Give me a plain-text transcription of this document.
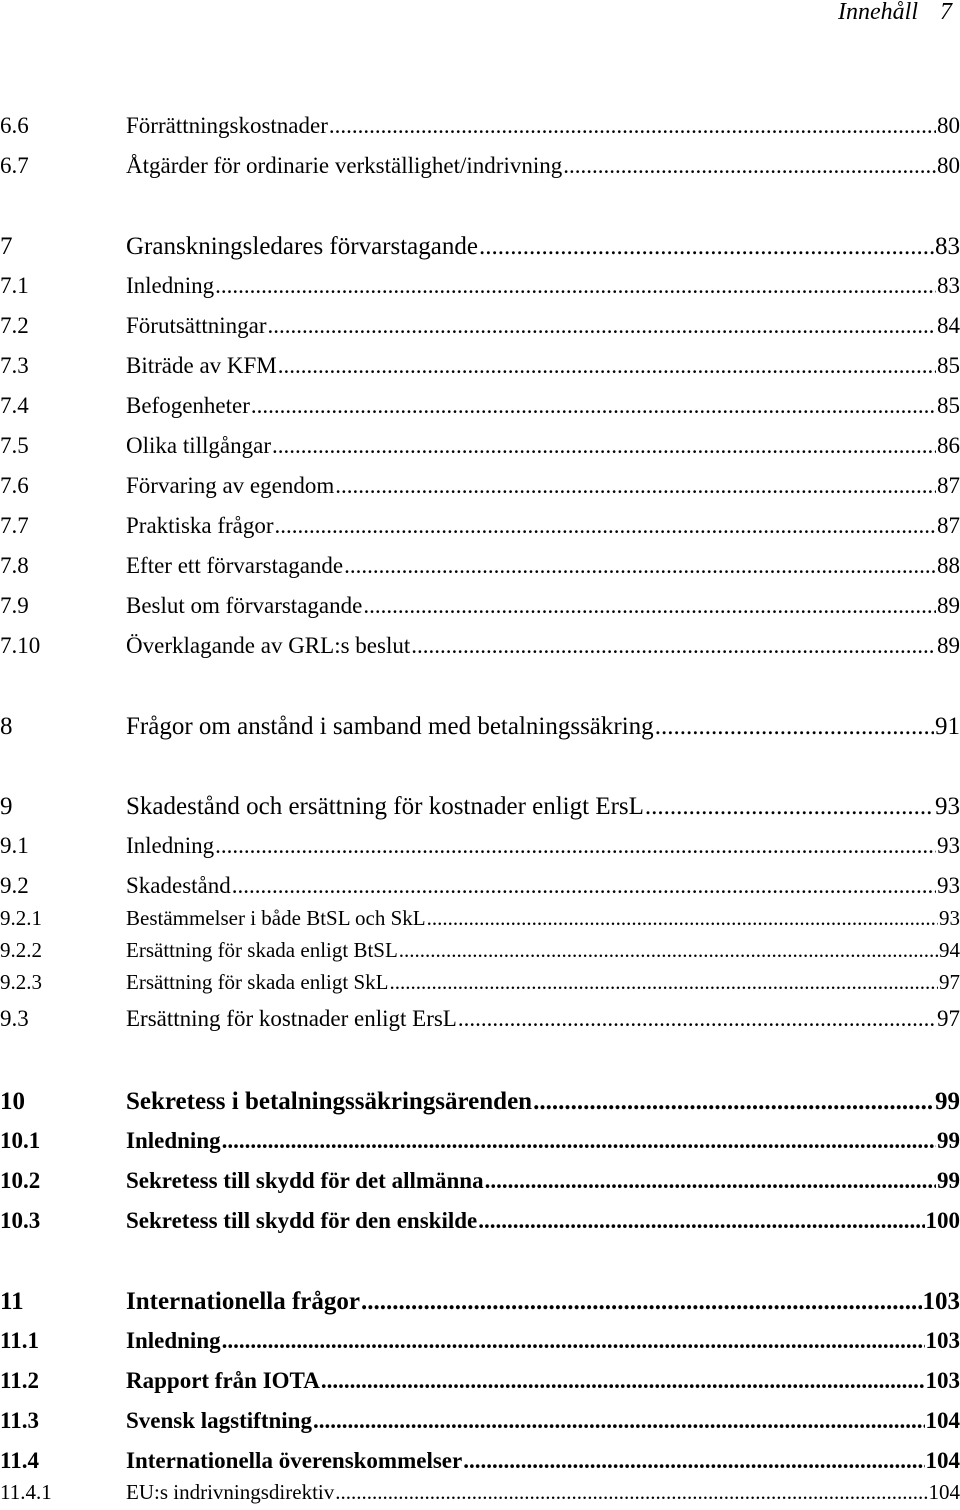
Innehåll 7
6.6	Förrättningskostnader .....	80
6.7	Åtgärder för ordinarie verkställighet/indrivning .....	80
7	Granskningsledares förvarstagande .....	83
7.1	Inledning .....	83
7.2	Förutsättningar .....	84
7.3	Biträde av KFM .....	85
7.4	Befogenheter .....	85
7.5	Olika tillgångar .....	86
7.6	Förvaring av egendom .....	87
7.7	Praktiska frågor .....	87
7.8	Efter ett förvarstagande .....	88
7.9	Beslut om förvarstagande .....	89
7.10	Överklagande av GRL:s beslut .....	89
8	Frågor om anstånd i samband med betalningssäkring .....	91
9	Skadestånd och ersättning för kostnader enligt ErsL .....	93
9.1	Inledning .....	93
9.2	Skadestånd .....	93
9.2.1	Bestämmelser i både BtSL och SkL .....	93
9.2.2	Ersättning för skada enligt BtSL .....	94
9.2.3	Ersättning för skada enligt SkL .....	97
9.3	Ersättning för kostnader enligt ErsL .....	97
10	Sekretess i betalningssäkringsärenden .....	99
10.1	Inledning .....	99
10.2	Sekretess till skydd för det allmänna .....	99
10.3	Sekretess till skydd för den enskilde .....	100
11	Internationella frågor .....	103
11.1	Inledning .....	103
11.2	Rapport från IOTA .....	103
11.3	Svensk lagstiftning .....	104
11.4	Internationella överenskommelser .....	104
11.4.1	EU:s indrivningsdirektiv .....	104
